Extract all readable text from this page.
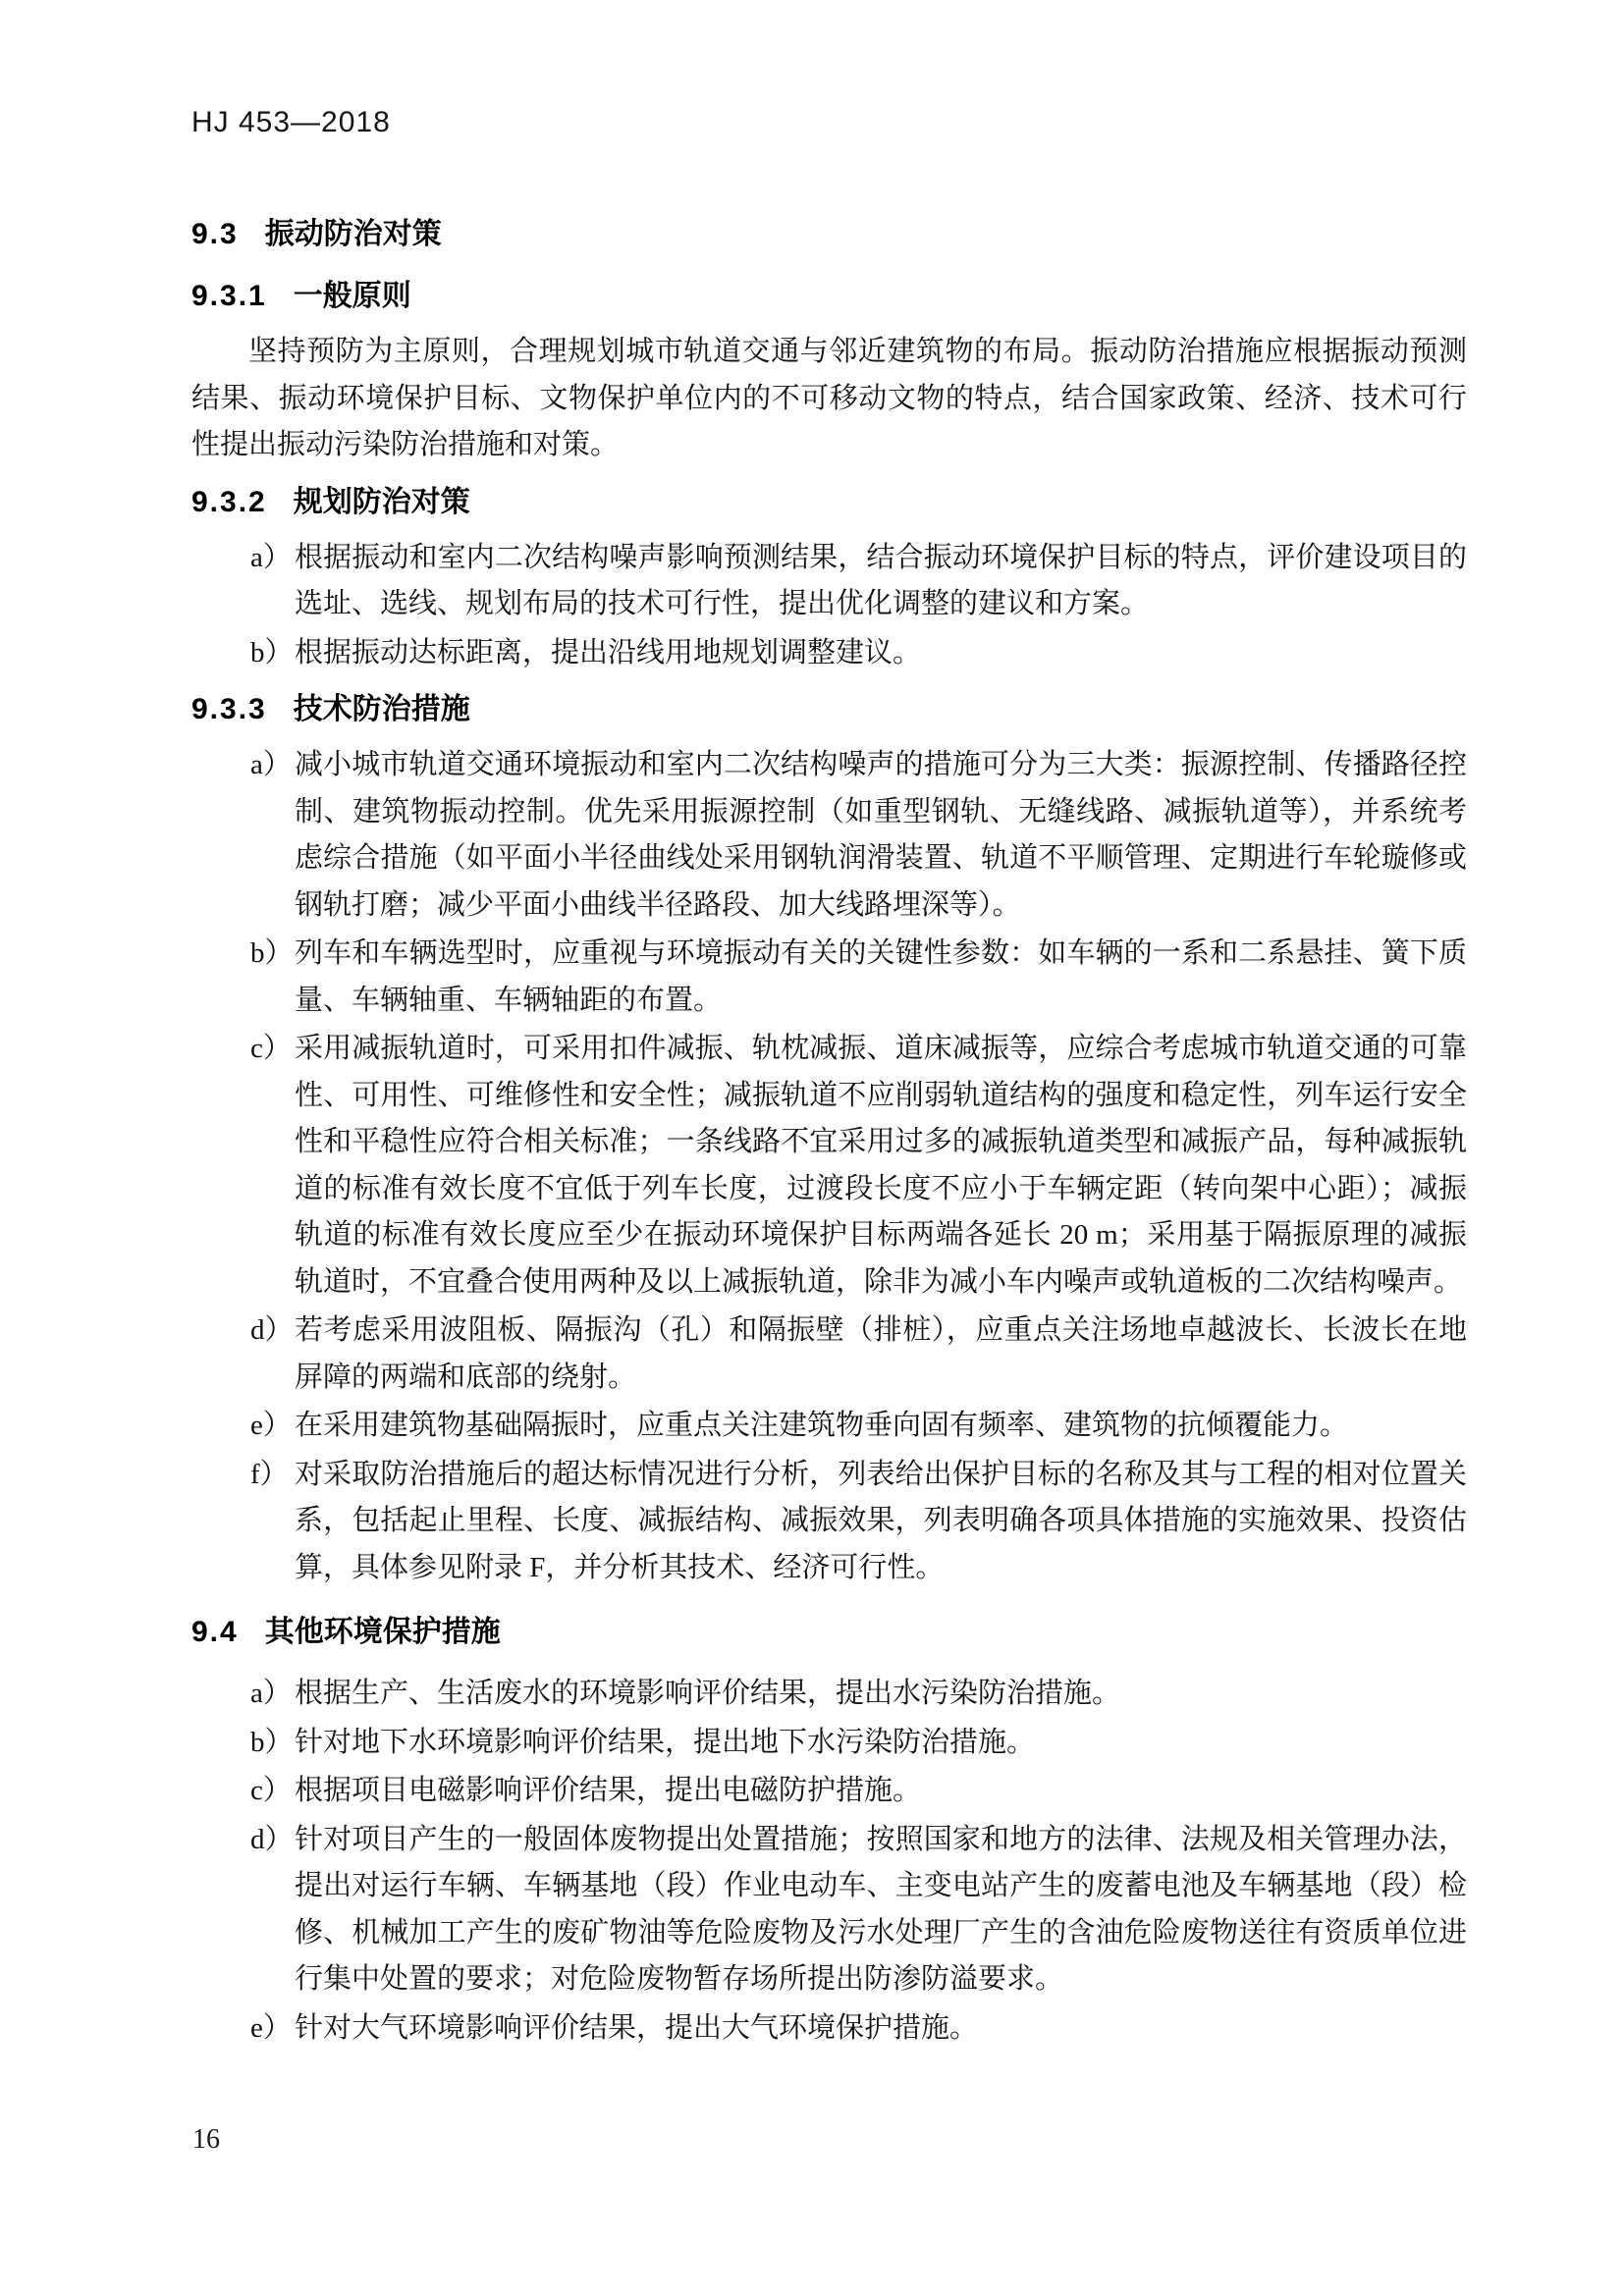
HJ 453—2018
9.3 振动防治对策
9.3.1 一般原则

坚持预防为主原则，合理规划城市轨道交通与邻近建筑物的布局。振动防治措施应根据振动预测结果、振动环境保护目标、文物保护单位内的不可移动文物的特点，结合国家政策、经济、技术可行性提出振动污染防治措施和对策。

9.3.2 规划防治对策
a） 根据振动和室内二次结构噪声影响预测结果，结合振动环境保护目标的特点，评价建设项目的选址、选线、规划布局的技术可行性，提出优化调整的建议和方案。
b） 根据振动达标距离，提出沿线用地规划调整建议。
9.3.3 技术防治措施
a） 减小城市轨道交通环境振动和室内二次结构噪声的措施可分为三大类：振源控制、传播路径控制、建筑物振动控制。优先采用振源控制（如重型钢轨、无缝线路、减振轨道等），并系统考虑综合措施（如平面小半径曲线处采用钢轨润滑装置、轨道不平顺管理、定期进行车轮璇修或钢轨打磨；减少平面小曲线半径路段、加大线路埋深等）。
b） 列车和车辆选型时，应重视与环境振动有关的关键性参数：如车辆的一系和二系悬挂、簧下质量、车辆轴重、车辆轴距的布置。
c） 采用减振轨道时，可采用扣件减振、轨枕减振、道床减振等，应综合考虑城市轨道交通的可靠性、可用性、可维修性和安全性；减振轨道不应削弱轨道结构的强度和稳定性，列车运行安全性和平稳性应符合相关标准；一条线路不宜采用过多的减振轨道类型和减振产品，每种减振轨道的标准有效长度不宜低于列车长度，过渡段长度不应小于车辆定距（转向架中心距）；减振轨道的标准有效长度应至少在振动环境保护目标两端各延长 20 m；采用基于隔振原理的减振轨道时，不宜叠合使用两种及以上减振轨道，除非为减小车内噪声或轨道板的二次结构噪声。
d） 若考虑采用波阻板、隔振沟（孔）和隔振壁（排桩），应重点关注场地卓越波长、长波长在地屏障的两端和底部的绕射。
e） 在采用建筑物基础隔振时，应重点关注建筑物垂向固有频率、建筑物的抗倾覆能力。
f） 对采取防治措施后的超达标情况进行分析，列表给出保护目标的名称及其与工程的相对位置关系，包括起止里程、长度、减振结构、减振效果，列表明确各项具体措施的实施效果、投资估算，具体参见附录 F，并分析其技术、经济可行性。
9.4 其他环境保护措施
a） 根据生产、生活废水的环境影响评价结果，提出水污染防治措施。
b） 针对地下水环境影响评价结果，提出地下水污染防治措施。
c） 根据项目电磁影响评价结果，提出电磁防护措施。
d） 针对项目产生的一般固体废物提出处置措施；按照国家和地方的法律、法规及相关管理办法，提出对运行车辆、车辆基地（段）作业电动车、主变电站产生的废蓄电池及车辆基地（段）检修、机械加工产生的废矿物油等危险废物及污水处理厂产生的含油危险废物送往有资质单位进行集中处置的要求；对危险废物暂存场所提出防渗防溢要求。
e） 针对大气环境影响评价结果，提出大气环境保护措施。
16
